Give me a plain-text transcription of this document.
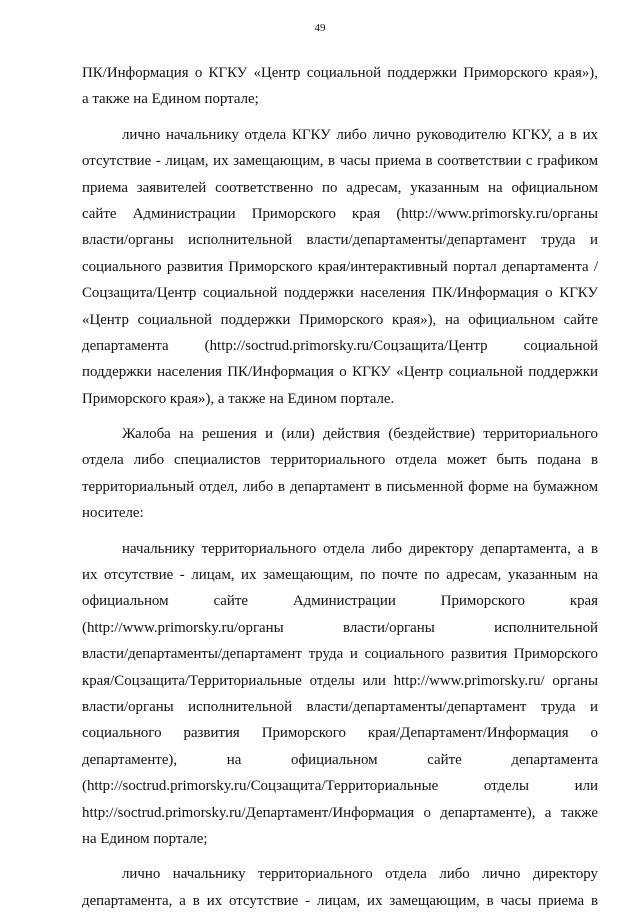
49
ПК/Информация о КГКУ «Центр социальной поддержки Приморского края»),
а также на Едином портале;
лично начальнику отдела КГКУ либо лично руководителю КГКУ, а в их
отсутствие - лицам, их замещающим, в часы приема в соответствии с графиком
приема заявителей соответственно по адресам, указанным на официальном
сайте Администрации Приморского края (http://www.primorsky.ru/органы
власти/органы исполнительной власти/департаменты/департамент труда и
социального развития Приморского края/интерактивный портал департамента /
Соцзащита/Центр социальной поддержки населения ПК/Информация о КГКУ
«Центр социальной поддержки Приморского края»), на официальном сайте
департамента (http://soctrud.primorsky.ru/Соцзащита/Центр социальной
поддержки населения ПК/Информация о КГКУ «Центр социальной поддержки
Приморского края»), а также на Едином портале.
Жалоба на решения и (или) действия (бездействие) территориального
отдела либо специалистов территориального отдела может быть подана в
территориальный отдел, либо в департамент в письменной форме на бумажном
носителе:
начальнику территориального отдела либо директору департамента, а в
их отсутствие - лицам, их замещающим, по почте по адресам, указанным на
официальном сайте Администрации Приморского края
(http://www.primorsky.ru/органы власти/органы исполнительной
власти/департаменты/департамент труда и социального развития Приморского
края/Соцзащита/Территориальные отделы или http://www.primorsky.ru/ органы
власти/органы исполнительной власти/департаменты/департамент труда и
социального развития Приморского края/Департамент/Информация о
департаменте), на официальном сайте департамента
(http://soctrud.primorsky.ru/Соцзащита/Территориальные отделы или
http://soctrud.primorsky.ru/Департамент/Информация о департаменте), а также
на Едином портале;
лично начальнику территориального отдела либо лично директору
департамента, а в их отсутствие - лицам, их замещающим, в часы приема в
